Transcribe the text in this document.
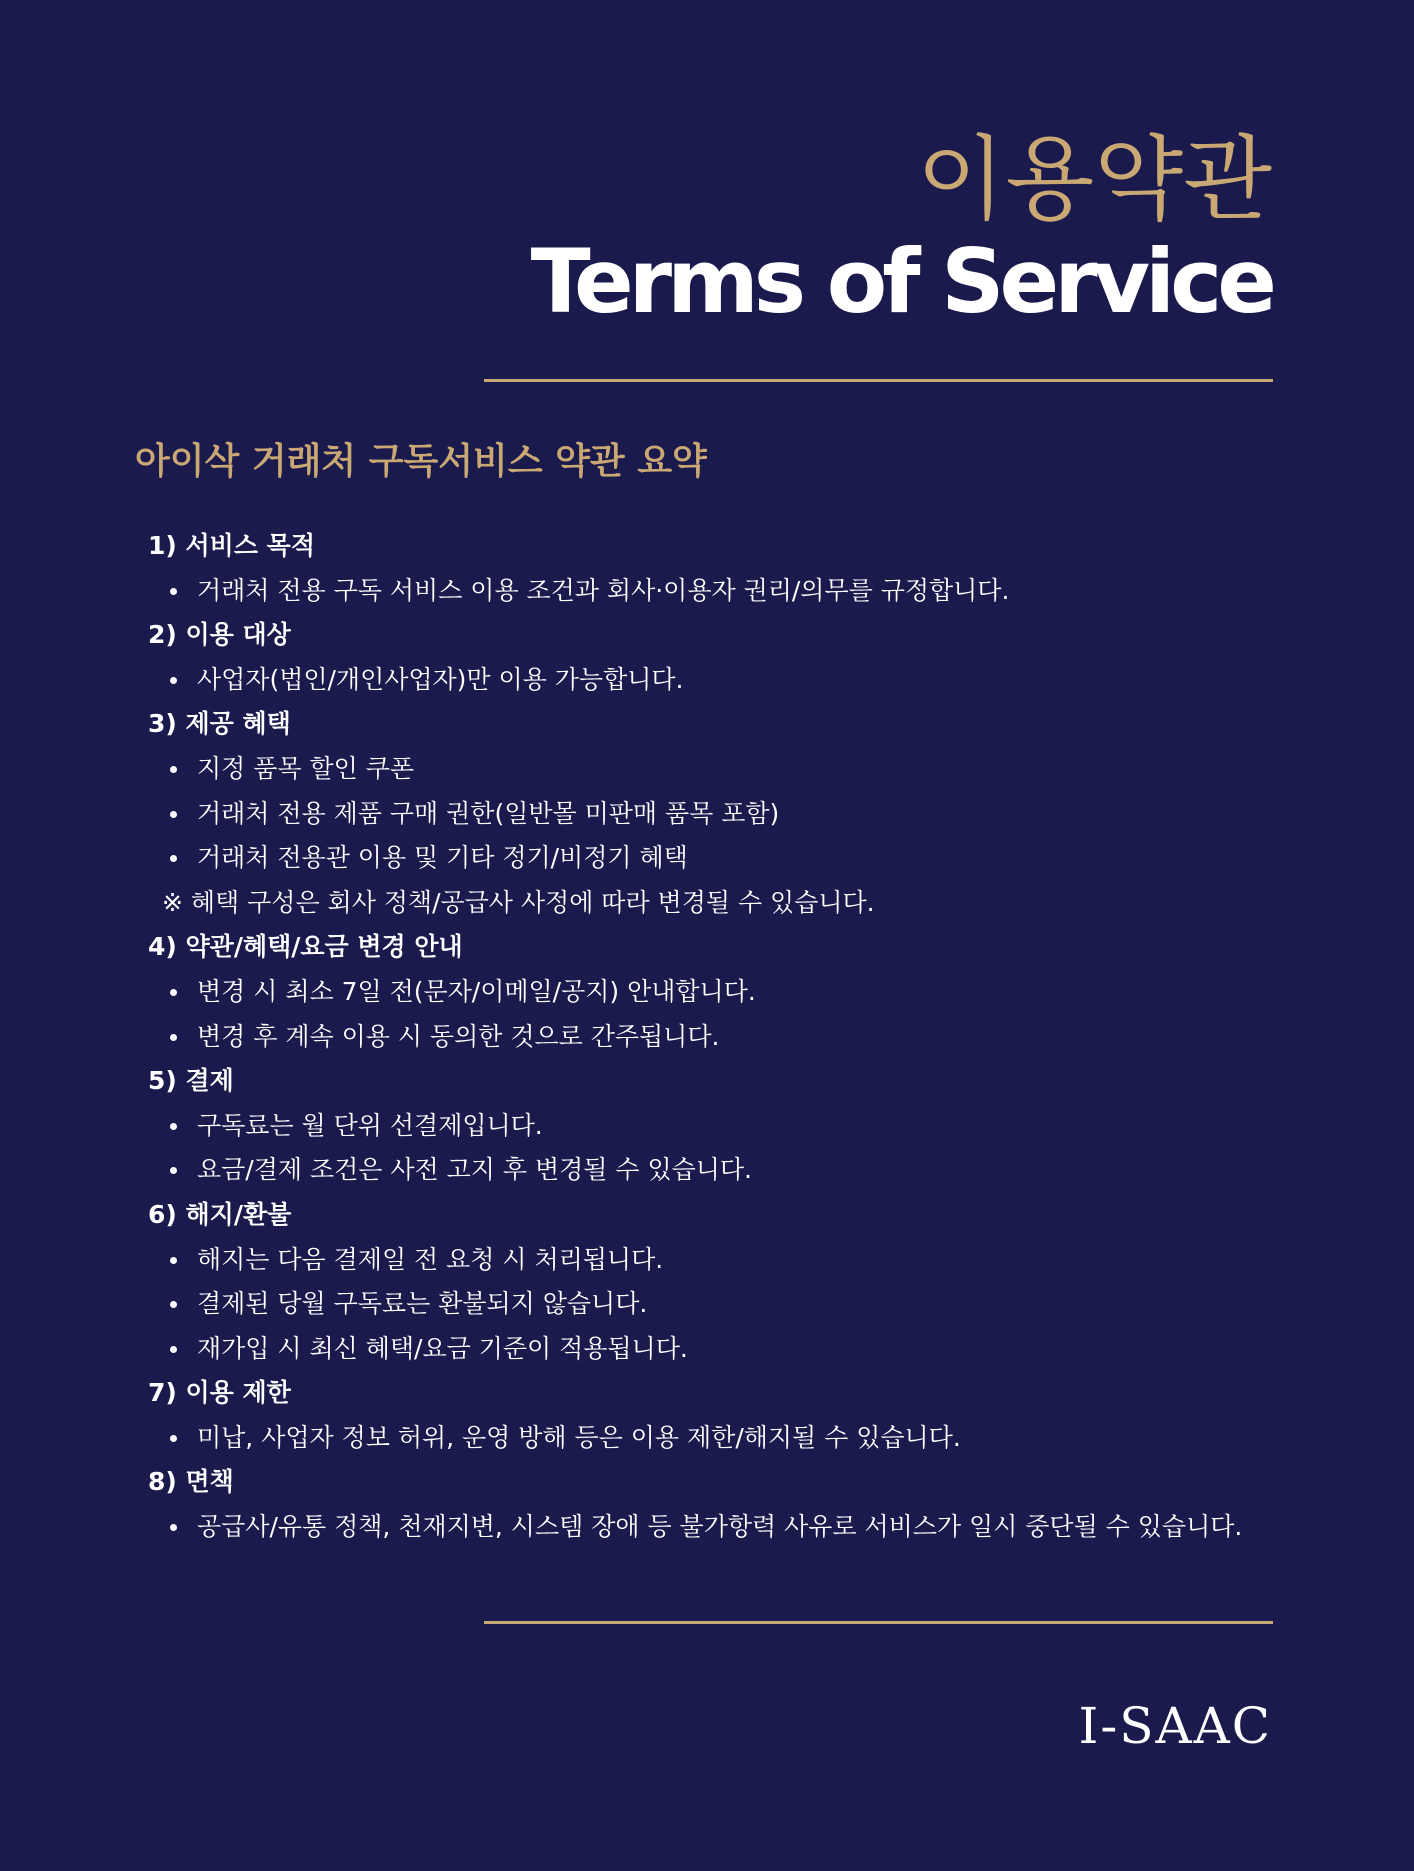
이용약관
Terms of Service
아이삭 거래처 구독서비스 약관 요약
1) 서비스 목적
거래처 전용 구독 서비스 이용 조건과 회사·이용자 권리/의무를 규정합니다.
2) 이용 대상
사업자(법인/개인사업자)만 이용 가능합니다.
3) 제공 혜택
지정 품목 할인 쿠폰
거래처 전용 제품 구매 권한(일반몰 미판매 품목 포함)
거래처 전용관 이용 및 기타 정기/비정기 혜택
※ 혜택 구성은 회사 정책/공급사 사정에 따라 변경될 수 있습니다.
4) 약관/혜택/요금 변경 안내
변경 시 최소 7일 전(문자/이메일/공지) 안내합니다.
변경 후 계속 이용 시 동의한 것으로 간주됩니다.
5) 결제
구독료는 월 단위 선결제입니다.
요금/결제 조건은 사전 고지 후 변경될 수 있습니다.
6) 해지/환불
해지는 다음 결제일 전 요청 시 처리됩니다.
결제된 당월 구독료는 환불되지 않습니다.
재가입 시 최신 혜택/요금 기준이 적용됩니다.
7) 이용 제한
미납, 사업자 정보 허위, 운영 방해 등은 이용 제한/해지될 수 있습니다.
8) 면책
공급사/유통 정책, 천재지변, 시스템 장애 등 불가항력 사유로 서비스가 일시 중단될 수 있습니다.
I-SAAC
